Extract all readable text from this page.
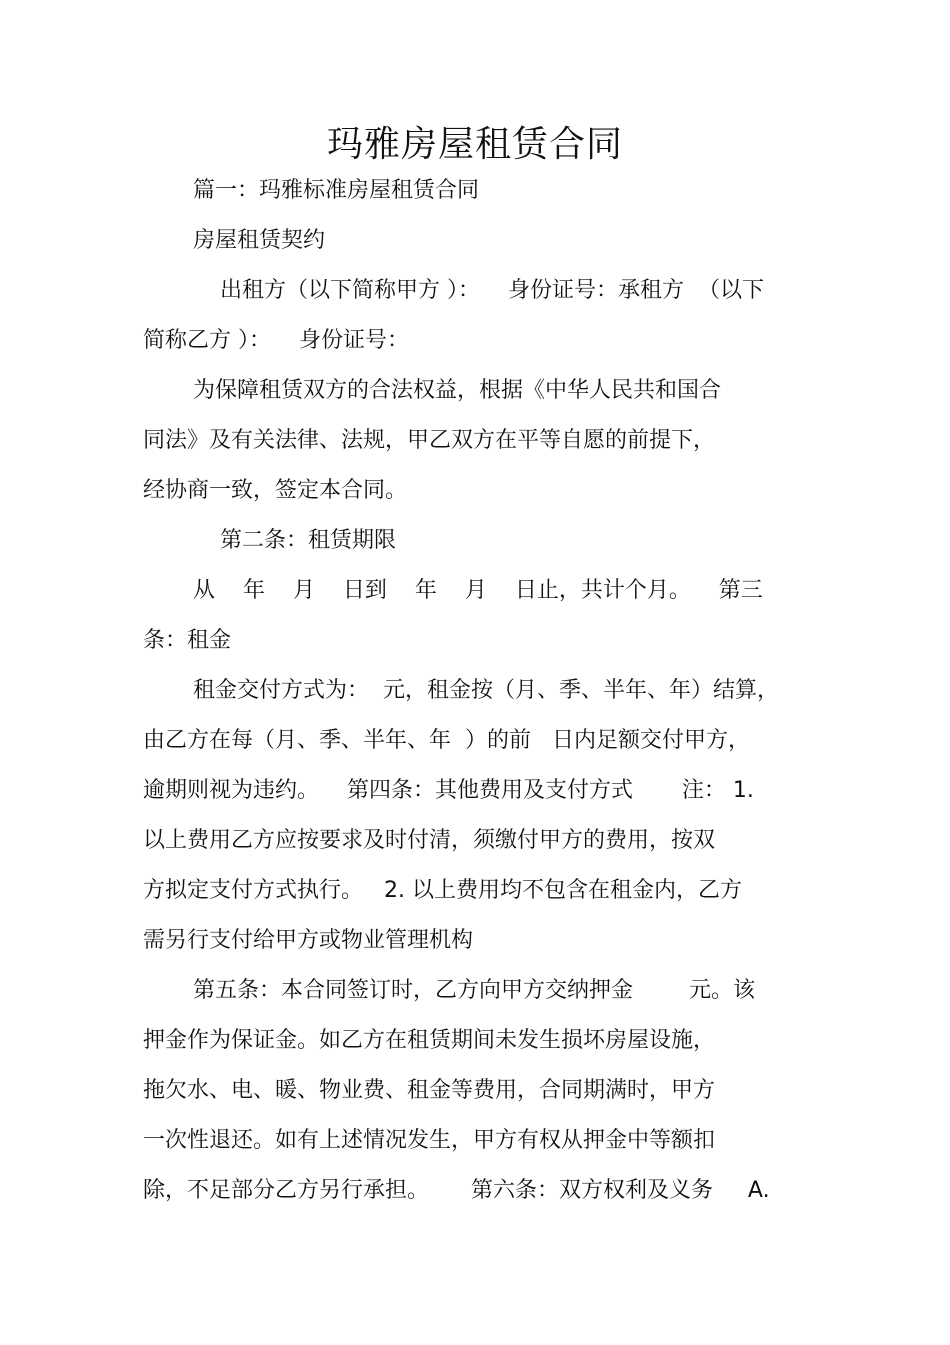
玛雅房屋租赁合同
篇一：玛雅标准房屋租赁合同
房屋租赁契约
出租方（以下简称甲方 ）：    身份证号：承租方  （以下
简称乙方 ）：    身份证号：
为保障租赁双方的合法权益，根据《中华人民共和国合
同法》及有关法律、法规，甲乙双方在平等自愿的前提下，
经协商一致，签定本合同。
第二条：租赁期限
从    年    月    日到    年    月    日止，共计个月。    第三
条：租金
租金交付方式为：  元，租金按（月、季、半年、年）结算，
由乙方在每（月、季、半年、年  ）的前   日内足额交付甲方，
逾期则视为违约。    第四条：其他费用及支付方式       注： 1.
以上费用乙方应按要求及时付清，须缴付甲方的费用，按双
方拟定支付方式执行。   2. 以上费用均不包含在租金内，乙方
需另行支付给甲方或物业管理机构
第五条：本合同签订时，乙方向甲方交纳押金        元。该
押金作为保证金。如乙方在租赁期间未发生损坏房屋设施，
拖欠水、电、暖、物业费、租金等费用，合同期满时，甲方
一次性退还。如有上述情况发生，甲方有权从押金中等额扣
除，不足部分乙方另行承担。      第六条：双方权利及义务     A.
